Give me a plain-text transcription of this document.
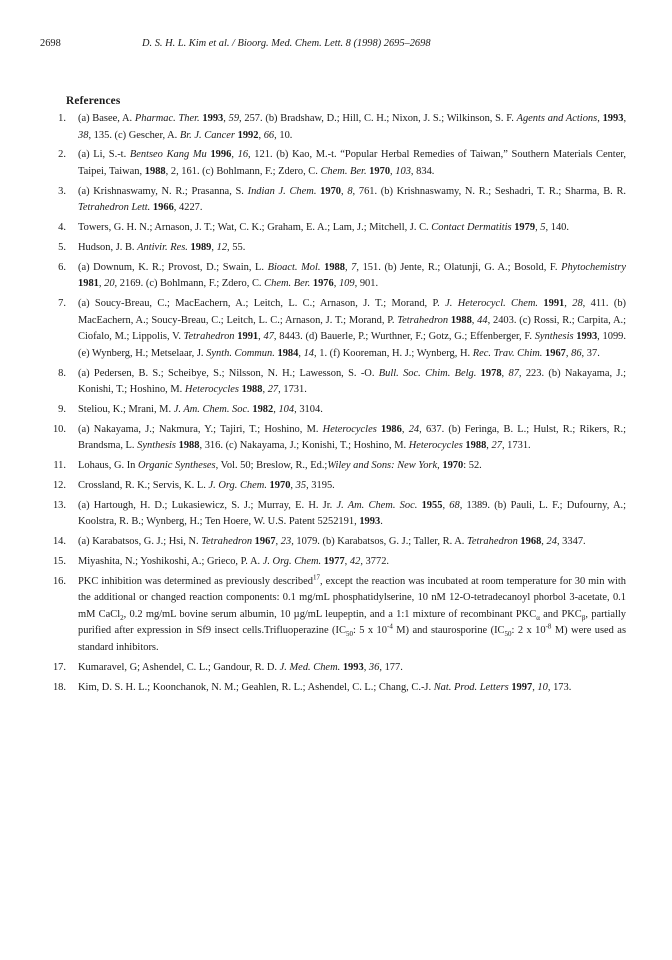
2698	D. S. H. L. Kim et al. / Bioorg. Med. Chem. Lett. 8 (1998) 2695–2698
References
1.	(a) Basee, A. Pharmac. Ther. 1993, 59, 257. (b) Bradshaw, D.; Hill, C. H.; Nixon, J. S.; Wilkinson, S. F. Agents and Actions, 1993, 38, 135. (c) Gescher, A. Br. J. Cancer 1992, 66, 10.
2.	(a) Li, S.-t. Bentseo Kang Mu 1996, 16, 121. (b) Kao, M.-t. “Popular Herbal Remedies of Taiwan,” Southern Materials Center, Taipei, Taiwan, 1988, 2, 161. (c) Bohlmann, F.; Zdero, C. Chem. Ber. 1970, 103, 834.
3.	(a) Krishnaswamy, N. R.; Prasanna, S. Indian J. Chem. 1970, 8, 761. (b) Krishnaswamy, N. R.; Seshadri, T. R.; Sharma, B. R. Tetrahedron Lett. 1966, 4227.
4.	Towers, G. H. N.; Arnason, J. T.; Wat, C. K.; Graham, E. A.; Lam, J.; Mitchell, J. C. Contact Dermatitis 1979, 5, 140.
5.	Hudson, J. B. Antivir. Res. 1989, 12, 55.
6.	(a) Downum, K. R.; Provost, D.; Swain, L. Bioact. Mol. 1988, 7, 151. (b) Jente, R.; Olatunji, G. A.; Bosold, F. Phytochemistry 1981, 20, 2169. (c) Bohlmann, F.; Zdero, C. Chem. Ber. 1976, 109, 901.
7.	(a) Soucy-Breau, C.; MacEachern, A.; Leitch, L. C.; Arnason, J. T.; Morand, P. J. Heterocycl. Chem. 1991, 28, 411. (b) MacEachern, A.; Soucy-Breau, C.; Leitch, L. C.; Arnason, J. T.; Morand, P. Tetrahedron 1988, 44, 2403. (c) Rossi, R.; Carpita, A.; Ciofalo, M.; Lippolis, V. Tetrahedron 1991, 47, 8443. (d) Bauerle, P.; Wurthner, F.; Gotz, G.; Effenberger, F. Synthesis 1993, 1099. (e) Wynberg, H.; Metselaar, J. Synth. Commun. 1984, 14, 1. (f) Kooreman, H. J.; Wynberg, H. Rec. Trav. Chim. 1967, 86, 37.
8.	(a) Pedersen, B. S.; Scheibye, S.; Nilsson, N. H.; Lawesson, S. -O. Bull. Soc. Chim. Belg. 1978, 87, 223. (b) Nakayama, J.; Konishi, T.; Hoshino, M. Heterocycles 1988, 27, 1731.
9.	Steliou, K.; Mrani, M. J. Am. Chem. Soc. 1982, 104, 3104.
10.	(a) Nakayama, J.; Nakmura, Y.; Tajiri, T.; Hoshino, M. Heterocycles 1986, 24, 637. (b) Feringa, B. L.; Hulst, R.; Rikers, R.; Brandsma, L. Synthesis 1988, 316. (c) Nakayama, J.; Konishi, T.; Hoshino, M. Heterocycles 1988, 27, 1731.
11.	Lohaus, G. In Organic Syntheses, Vol. 50; Breslow, R., Ed.;Wiley and Sons: New York, 1970: 52.
12.	Crossland, R. K.; Servis, K. L. J. Org. Chem. 1970, 35, 3195.
13.	(a) Hartough, H. D.; Lukasiewicz, S. J.; Murray, E. H. Jr. J. Am. Chem. Soc. 1955, 68, 1389. (b) Pauli, L. F.; Dufourny, A.; Koolstra, R. B.; Wynberg, H.; Ten Hoere, W. U.S. Patent 5252191, 1993.
14.	(a) Karabatsos, G. J.; Hsi, N. Tetrahedron 1967, 23, 1079. (b) Karabatsos, G. J.; Taller, R. A. Tetrahedron 1968, 24, 3347.
15.	Miyashita, N.; Yoshikoshi, A.; Grieco, P. A. J. Org. Chem. 1977, 42, 3772.
16.	PKC inhibition was determined as previously described$^{17}$, except the reaction was incubated at room temperature for 30 min with the additional or changed reaction components: 0.1 mg/mL phosphatidylserine, 10 nM 12-O-tetradecanoyl phorbol 3-acetate, 0.1 mM CaCl$_2$, 0.2 mg/mL bovine serum albumin, 10 µg/mL leupeptin, and a 1:1 mixture of recombinant $PKC_\alpha$ and $PKC_\beta$, partially purified after expression in Sf9 insect cells.Trifluoperazine ($IC_{50}$: 5 x $10^{-4}$ M) and staurosporine ($IC_{50}$: 2 x $10^{-8}$ M) were used as standard inhibitors.
17.	Kumaravel, G; Ashendel, C. L.; Gandour, R. D. J. Med. Chem. 1993, 36, 177.
18.	Kim, D. S. H. L.; Koonchanok, N. M.; Geahlen, R. L.; Ashendel, C. L.; Chang, C.-J. Nat. Prod. Letters 1997, 10, 173.
